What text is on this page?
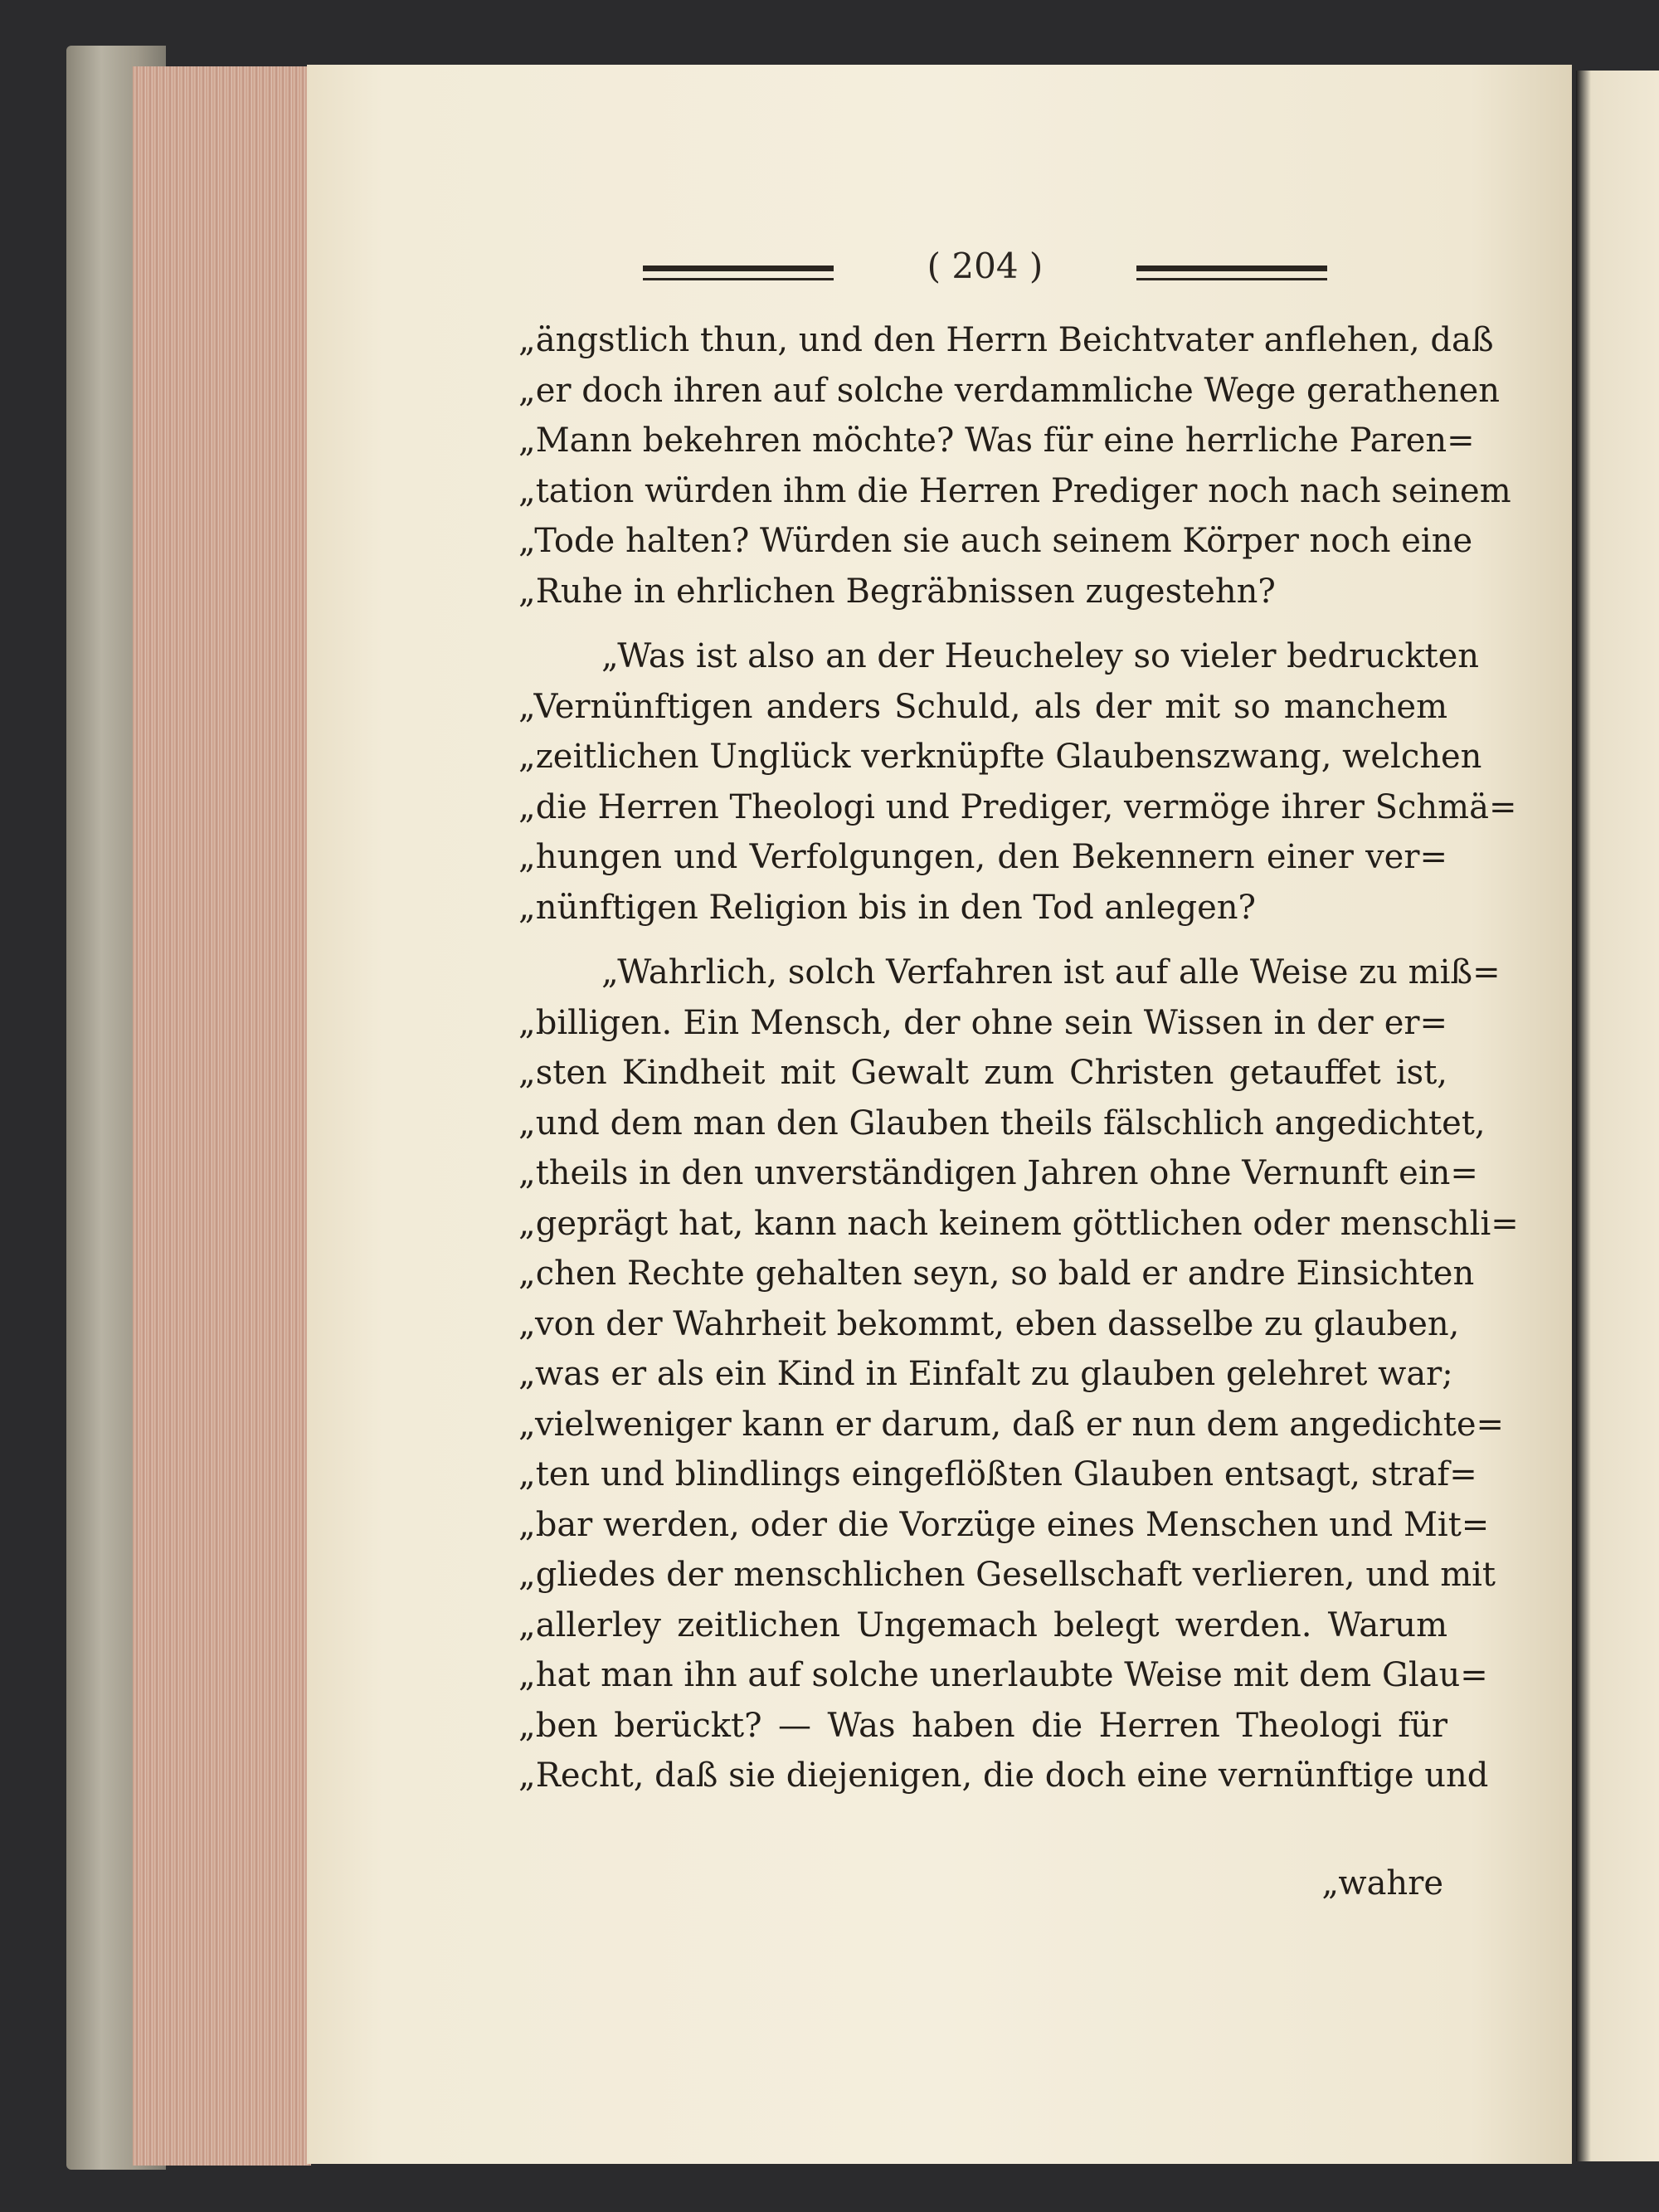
( 204 )
„ängstlich thun, und den Herrn Beichtvater anflehen, daß
„er doch ihren auf solche verdammliche Wege gerathenen
„Mann bekehren möchte? Was für eine herrliche Paren=
„tation würden ihm die Herren Prediger noch nach seinem
„Tode halten? Würden sie auch seinem Körper noch eine
„Ruhe in ehrlichen Begräbnissen zugestehn?
„Was ist also an der Heucheley so vieler bedruckten
„Vernünftigen anders Schuld, als der mit so manchem
„zeitlichen Unglück verknüpfte Glaubenszwang, welchen
„die Herren Theologi und Prediger, vermöge ihrer Schmä=
„hungen und Verfolgungen, den Bekennern einer ver=
„nünftigen Religion bis in den Tod anlegen?
„Wahrlich, solch Verfahren ist auf alle Weise zu miß=
„billigen. Ein Mensch, der ohne sein Wissen in der er=
„sten Kindheit mit Gewalt zum Christen getauffet ist,
„und dem man den Glauben theils fälschlich angedichtet,
„theils in den unverständigen Jahren ohne Vernunft ein=
„geprägt hat, kann nach keinem göttlichen oder menschli=
„chen Rechte gehalten seyn, so bald er andre Einsichten
„von der Wahrheit bekommt, eben dasselbe zu glauben,
„was er als ein Kind in Einfalt zu glauben gelehret war;
„vielweniger kann er darum, daß er nun dem angedichte=
„ten und blindlings eingeflößten Glauben entsagt, straf=
„bar werden, oder die Vorzüge eines Menschen und Mit=
„gliedes der menschlichen Gesellschaft verlieren, und mit
„allerley zeitlichen Ungemach belegt werden. Warum
„hat man ihn auf solche unerlaubte Weise mit dem Glau=
„ben berückt? — Was haben die Herren Theologi für
„Recht, daß sie diejenigen, die doch eine vernünftige und
„wahre
